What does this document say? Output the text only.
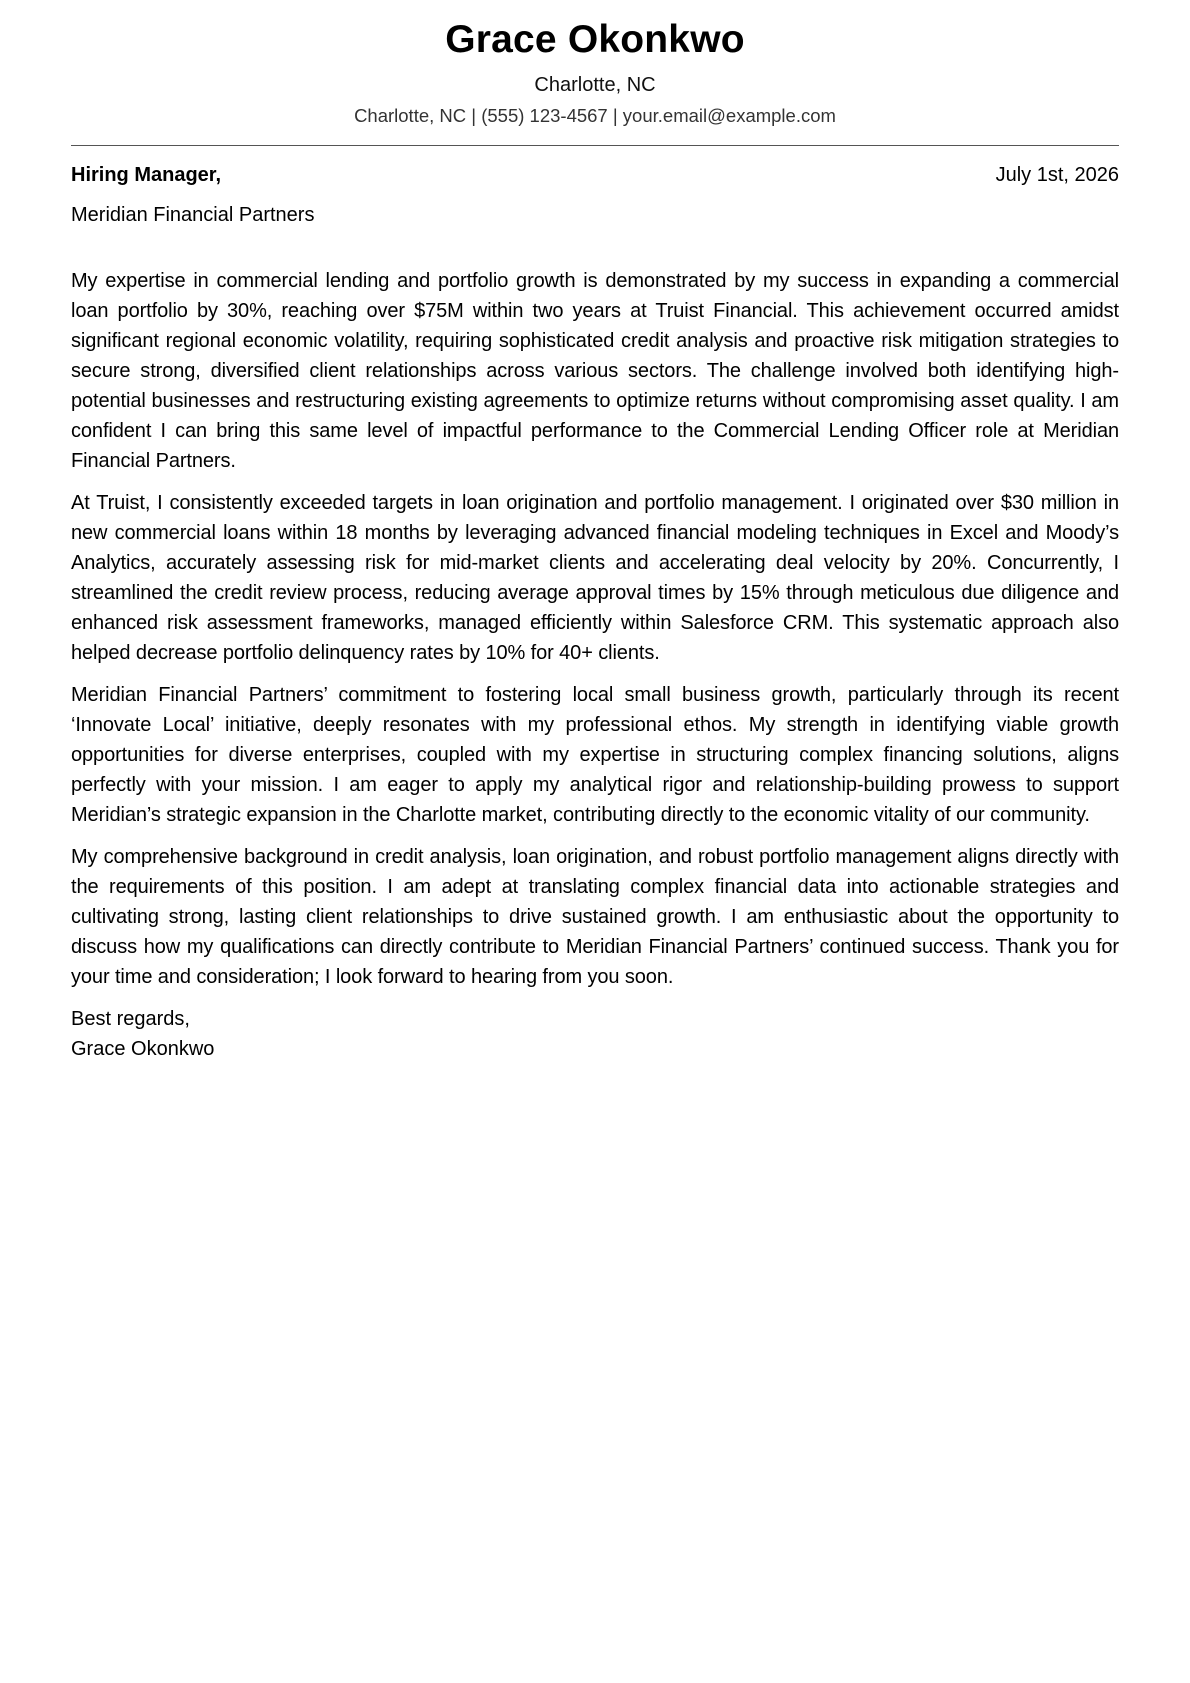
Grace Okonkwo
Charlotte, NC
Charlotte, NC | (555) 123-4567 | your.email@example.com
Hiring Manager,	July 1st, 2026
Meridian Financial Partners

My expertise in commercial lending and portfolio growth is demonstrated by my success in expanding a commercial loan portfolio by 30%, reaching over $75M within two years at Truist Financial. This achievement occurred amidst significant regional economic volatility, requiring sophisticated credit analysis and proactive risk mitigation strategies to secure strong, diversified client relationships across various sectors. The challenge involved both identifying high-potential businesses and restructuring existing agreements to optimize returns without compromising asset quality. I am confident I can bring this same level of impactful performance to the Commercial Lending Officer role at Meridian Financial Partners.

At Truist, I consistently exceeded targets in loan origination and portfolio management. I originated over $30 million in new commercial loans within 18 months by leveraging advanced financial modeling techniques in Excel and Moody’s Analytics, accurately assessing risk for mid-market clients and accelerating deal velocity by 20%. Concurrently, I streamlined the credit review process, reducing average approval times by 15% through meticulous due diligence and enhanced risk assessment frameworks, managed efficiently within Salesforce CRM. This systematic approach also helped decrease portfolio delinquency rates by 10% for 40+ clients.

Meridian Financial Partners’ commitment to fostering local small business growth, particularly through its recent ‘Innovate Local’ initiative, deeply resonates with my professional ethos. My strength in identifying viable growth opportunities for diverse enterprises, coupled with my expertise in structuring complex financing solutions, aligns perfectly with your mission. I am eager to apply my analytical rigor and relationship-building prowess to support Meridian’s strategic expansion in the Charlotte market, contributing directly to the economic vitality of our community.

My comprehensive background in credit analysis, loan origination, and robust portfolio management aligns directly with the requirements of this position. I am adept at translating complex financial data into actionable strategies and cultivating strong, lasting client relationships to drive sustained growth. I am enthusiastic about the opportunity to discuss how my qualifications can directly contribute to Meridian Financial Partners’ continued success. Thank you for your time and consideration; I look forward to hearing from you soon.

Best regards,
Grace Okonkwo
